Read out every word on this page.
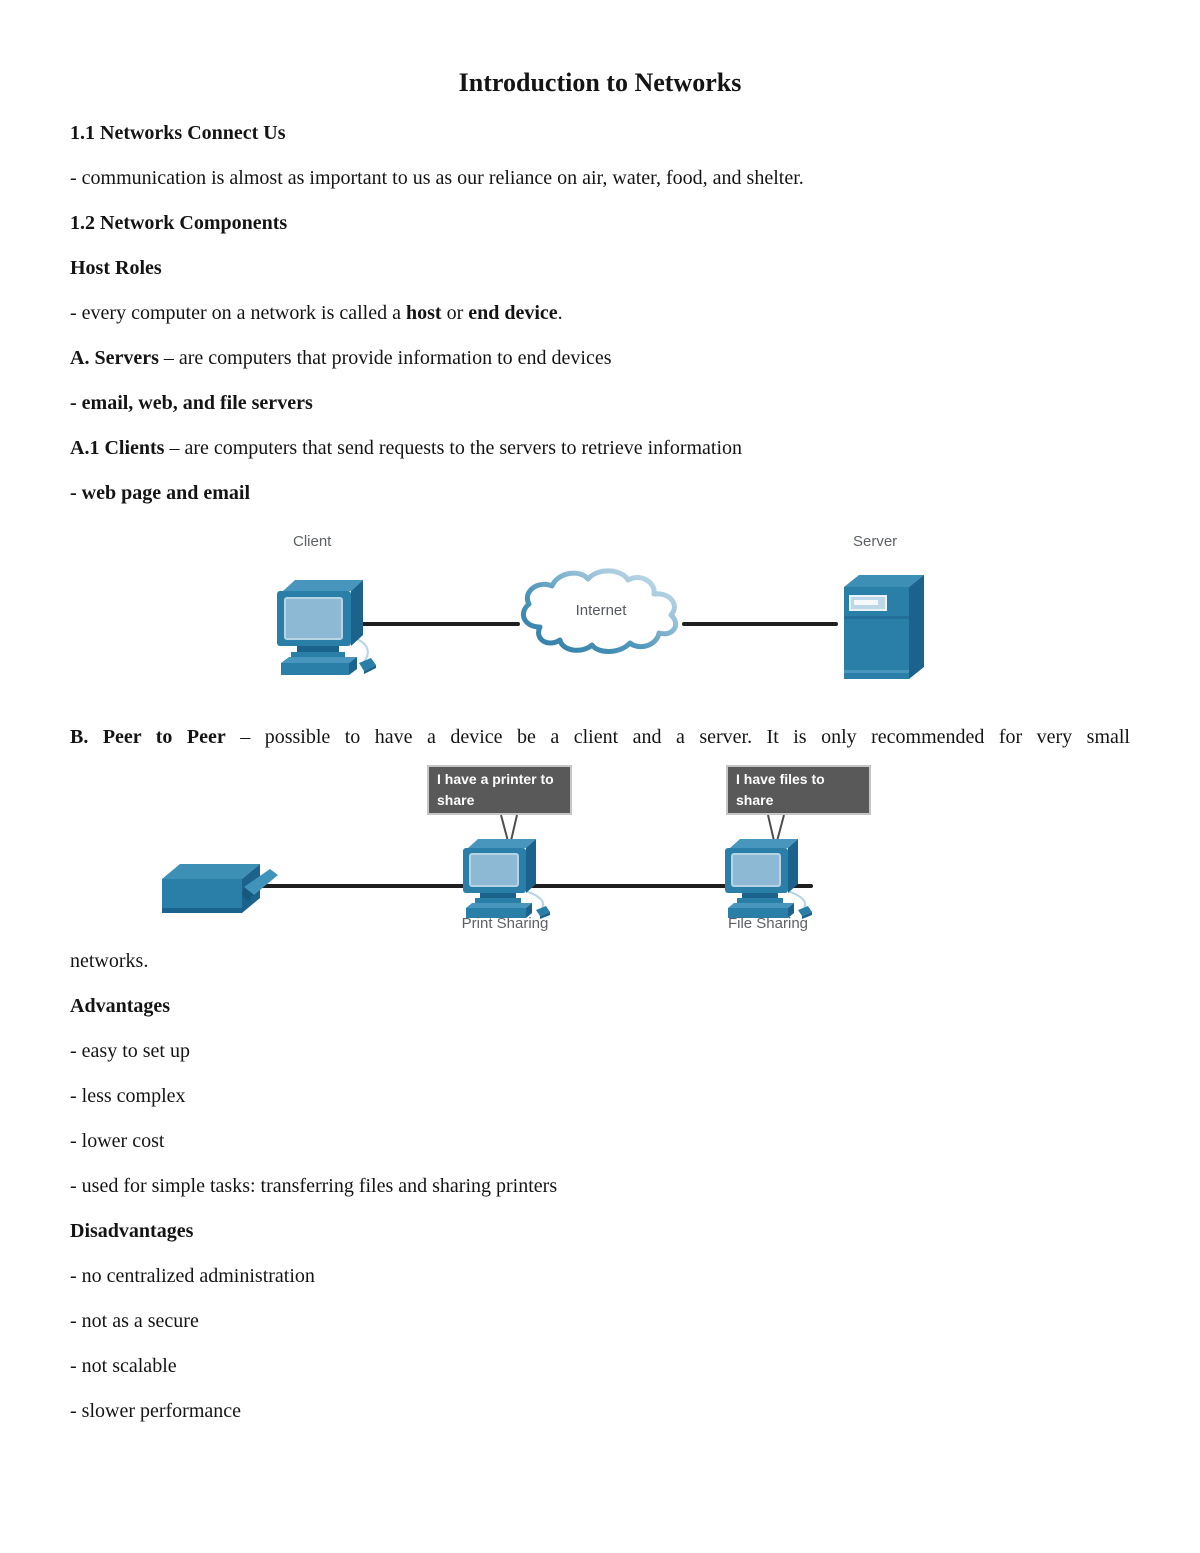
Introduction to Networks

1.1 Networks Connect Us

- communication is almost as important to us as our reliance on air, water, food, and shelter.

1.2 Network Components

Host Roles

- every computer on a network is called a host or end device.

A. Servers – are computers that provide information to end devices

- email, web, and file servers

A.1 Clients – are computers that send requests to the servers to retrieve information

- web page and email

Client	Server
Internet

B. Peer to Peer – possible to have a device be a client and a server. It is only recommended for very small

I have a printer to share
I have files to share
Print Sharing	File Sharing

networks.

Advantages

- easy to set up

- less complex

- lower cost

- used for simple tasks: transferring files and sharing printers

Disadvantages

- no centralized administration

- not as a secure

- not scalable

- slower performance
